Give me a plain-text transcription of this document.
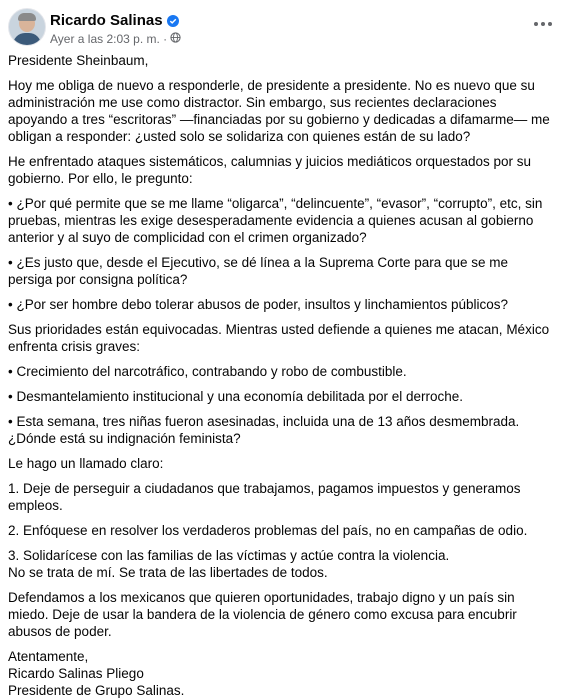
Ricardo Salinas
Ayer a las 2:03 p. m. ·

Presidente Sheinbaum,

Hoy me obliga de nuevo a responderle, de presidente a presidente. No es nuevo que su administración me use como distractor. Sin embargo, sus recientes declaraciones apoyando a tres “escritoras” —financiadas por su gobierno y dedicadas a difamarme— me obligan a responder: ¿usted solo se solidariza con quienes están de su lado?

He enfrentado ataques sistemáticos, calumnias y juicios mediáticos orquestados por su gobierno. Por ello, le pregunto:

• ¿Por qué permite que se me llame “oligarca”, “delincuente”, “evasor”, “corrupto”, etc, sin pruebas, mientras les exige desesperadamente evidencia a quienes acusan al gobierno anterior y al suyo de complicidad con el crimen organizado?

• ¿Es justo que, desde el Ejecutivo, se dé línea a la Suprema Corte para que se me persiga por consigna política?

• ¿Por ser hombre debo tolerar abusos de poder, insultos y linchamientos públicos?

Sus prioridades están equivocadas. Mientras usted defiende a quienes me atacan, México enfrenta crisis graves:

• Crecimiento del narcotráfico, contrabando y robo de combustible.

• Desmantelamiento institucional y una economía debilitada por el derroche.

• Esta semana, tres niñas fueron asesinadas, incluida una de 13 años desmembrada. ¿Dónde está su indignación feminista?

Le hago un llamado claro:

1. Deje de perseguir a ciudadanos que trabajamos, pagamos impuestos y generamos empleos.

2. Enfóquese en resolver los verdaderos problemas del país, no en campañas de odio.

3. Solidarícese con las familias de las víctimas y actúe contra la violencia.

No se trata de mí. Se trata de las libertades de todos.

Defendamos a los mexicanos que quieren oportunidades, trabajo digno y un país sin miedo. Deje de usar la bandera de la violencia de género como excusa para encubrir abusos de poder.

Atentamente,

Ricardo Salinas Pliego

Presidente de Grupo Salinas.
